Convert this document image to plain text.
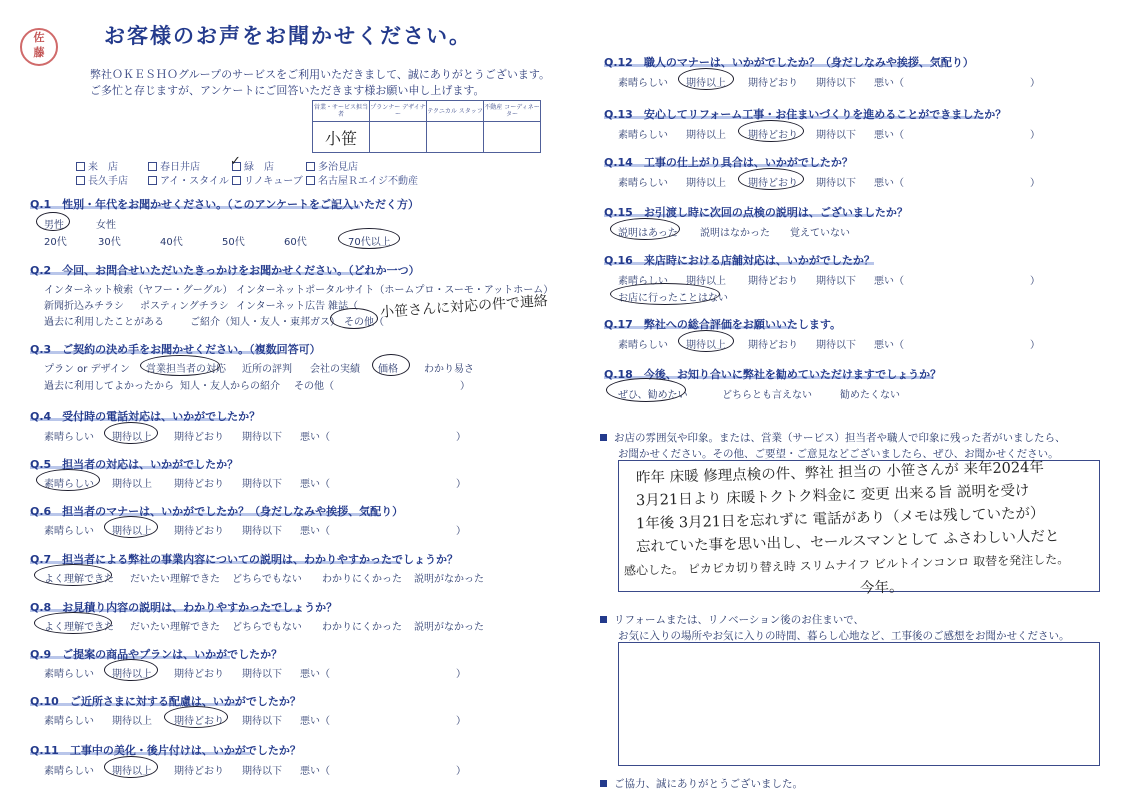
佐
藤
お客様のお声をお聞かせください。
弊社ＯＫＥＳＨＯグループのサービスをご利用いただきまして、誠にありがとうございます。
ご多忙と存じますが、アンケートにご回答いただきます様お願い申し上げます。
営業・サービス担当者	プランナー デザイナー	テクニカル スタッフ	不動産 コーディネーター
小笹			
来　店	春日井店	緑　店	多治見店
長久手店	アイ・スタイル	リノキューブ	名古屋Ｒエイジ不動産
✓
Q.1　性別・年代をお聞かせください。（このアンケートをご記入いただく方）
男性	女性
20代	30代	40代	50代	60代	70代以上
Q.2　今回、お問合せいただいたきっかけをお聞かせください。（どれか一つ）
インターネット検索（ヤフー・グーグル） インターネットポータルサイト（ホームプロ・スーモ・アットホーム）
新聞折込みチラシ ポスティングチラシ インターネット広告 雑誌（
過去に利用したことがある	ご紹介（知人・友人・東邦ガス） その他（
小笹さんに対応の件で連絡
Q.3　ご契約の決め手をお聞かせください。（複数回答可）
プラン or デザイン 営業担当者の対応 近所の評判 会社の実績 価格	わかり易さ
過去に利用してよかったから 知人・友人からの紹介 その他（	）
Q.4　受付時の電話対応は、いかがでしたか？
素晴らしい 期待以上 期待どおり 期待以下 悪い（	）
Q.5　担当者の対応は、いかがでしたか？
素晴らしい 期待以上 期待どおり 期待以下 悪い（	）
Q.6　担当者のマナーは、いかがでしたか？（身だしなみや挨拶、気配り）
素晴らしい 期待以上 期待どおり 期待以下 悪い（	）
Q.7　担当者による弊社の事業内容についての説明は、わかりやすかったでしょうか？
よく理解できた だいたい理解できた どちらでもない わかりにくかった 説明がなかった
Q.8　お見積り内容の説明は、わかりやすかったでしょうか？
よく理解できた だいたい理解できた どちらでもない わかりにくかった 説明がなかった
Q.9　ご提案の商品やプランは、いかがでしたか？
素晴らしい 期待以上 期待どおり 期待以下 悪い（	）
Q.10　ご近所さまに対する配慮は、いかがでしたか？
素晴らしい 期待以上 期待どおり 期待以下 悪い（	）
Q.11　工事中の美化・後片付けは、いかがでしたか？
素晴らしい 期待以上 期待どおり 期待以下 悪い（	）
Q.12　職人のマナーは、いかがでしたか？（身だしなみや挨拶、気配り）
素晴らしい 期待以上 期待どおり 期待以下 悪い（	）
Q.13　安心してリフォーム工事・お住まいづくりを進めることができましたか？
素晴らしい 期待以上 期待どおり 期待以下 悪い（	）
Q.14　工事の仕上がり具合は、いかがでしたか？
素晴らしい 期待以上 期待どおり 期待以下 悪い（	）
Q.15　お引渡し時に次回の点検の説明は、ございましたか？
説明はあった 説明はなかった 覚えていない
Q.16　来店時における店舗対応は、いかがでしたか？
素晴らしい 期待以上 期待どおり 期待以下 悪い（	）
お店に行ったことはない
Q.17　弊社への総合評価をお願いいたします。
素晴らしい 期待以上 期待どおり 期待以下 悪い（	）
Q.18　今後、お知り合いに弊社を勧めていただけますでしょうか？
ぜひ、勧めたい	どちらとも言えない	勧めたくない
お店の雰囲気や印象。または、営業（サービス）担当者や職人で印象に残った者がいましたら、
お聞かせください。その他、ご要望・ご意見などございましたら、ぜひ、お聞かせください。
昨年 床暖 修理点検の件、弊社 担当の 小笹さんが 来年2024年
3月21日より 床暖トクトク料金に 変更 出来る旨 説明を受け
1年後 3月21日を忘れずに 電話があり（メモは残していたが）
忘れていた事を思い出し、セールスマンとして ふさわしい人だと
感心した。 ピカピカ切り替え時 スリムナイフ ビルトインコンロ 取替を発注した。
今年。
リフォームまたは、リノベーション後のお住まいで、
お気に入りの場所やお気に入りの時間、暮らし心地など、工事後のご感想をお聞かせください。
ご協力、誠にありがとうございました。
